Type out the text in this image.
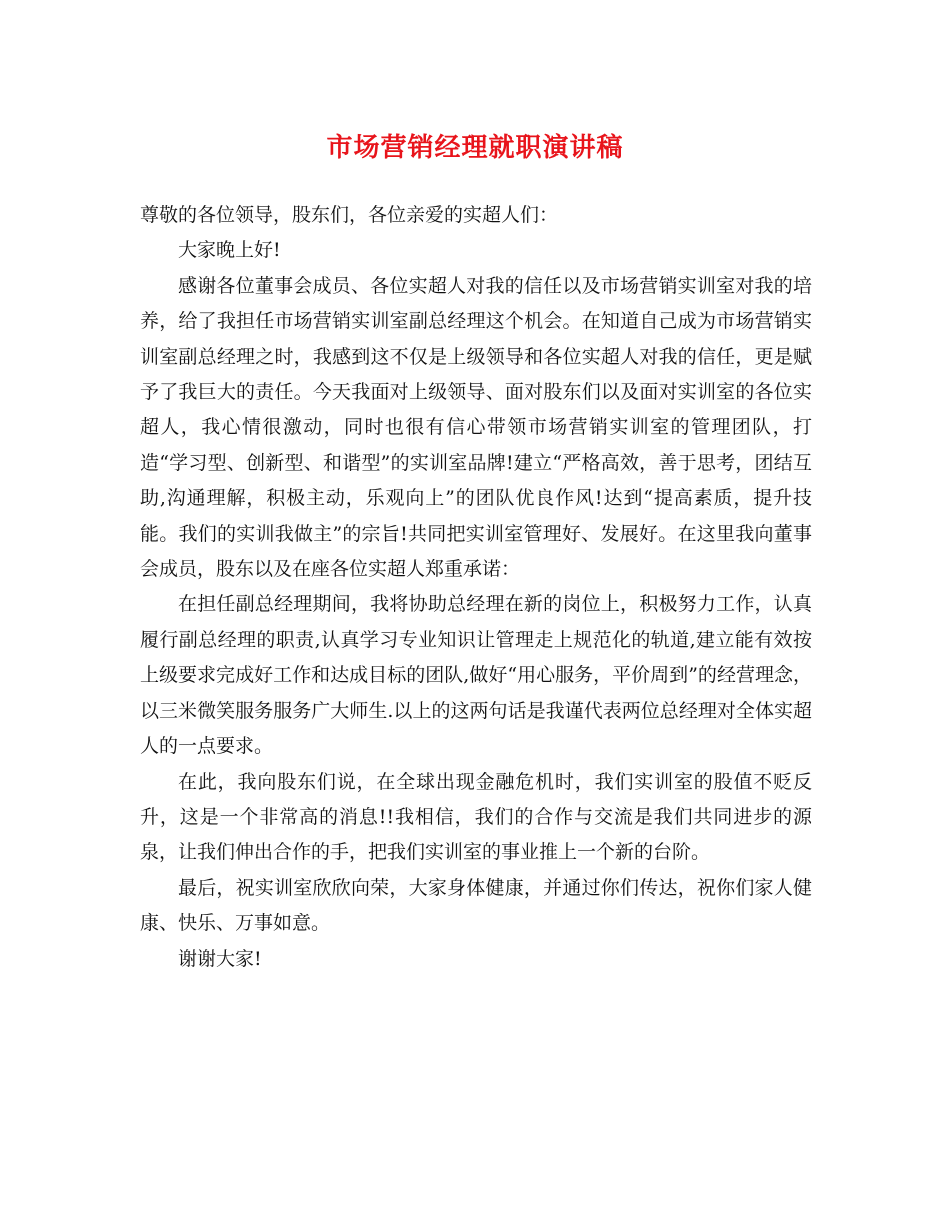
市场营销经理就职演讲稿

尊敬的各位领导，股东们，各位亲爱的实超人们：

大家晚上好!

感谢各位董事会成员、各位实超人对我的信任以及市场营销实训室对我的培养，给了我担任市场营销实训室副总经理这个机会。在知道自己成为市场营销实训室副总经理之时，我感到这不仅是上级领导和各位实超人对我的信任，更是赋予了我巨大的责任。今天我面对上级领导、面对股东们以及面对实训室的各位实超人，我心情很激动，同时也很有信心带领市场营销实训室的管理团队，打造“学习型、创新型、和谐型”的实训室品牌!建立“严格高效，善于思考，团结互助,沟通理解，积极主动，乐观向上”的团队优良作风!达到“提高素质，提升技能。我们的实训我做主”的宗旨!共同把实训室管理好、发展好。在这里我向董事会成员，股东以及在座各位实超人郑重承诺：

在担任副总经理期间，我将协助总经理在新的岗位上，积极努力工作，认真履行副总经理的职责,认真学习专业知识让管理走上规范化的轨道,建立能有效按上级要求完成好工作和达成目标的团队,做好“用心服务，平价周到”的经营理念，以三米微笑服务服务广大师生.以上的这两句话是我谨代表两位总经理对全体实超人的一点要求。

在此，我向股东们说，在全球出现金融危机时，我们实训室的股值不贬反升，这是一个非常高的消息!!我相信，我们的合作与交流是我们共同进步的源泉，让我们伸出合作的手，把我们实训室的事业推上一个新的台阶。

最后，祝实训室欣欣向荣，大家身体健康，并通过你们传达，祝你们家人健康、快乐、万事如意。

谢谢大家!
